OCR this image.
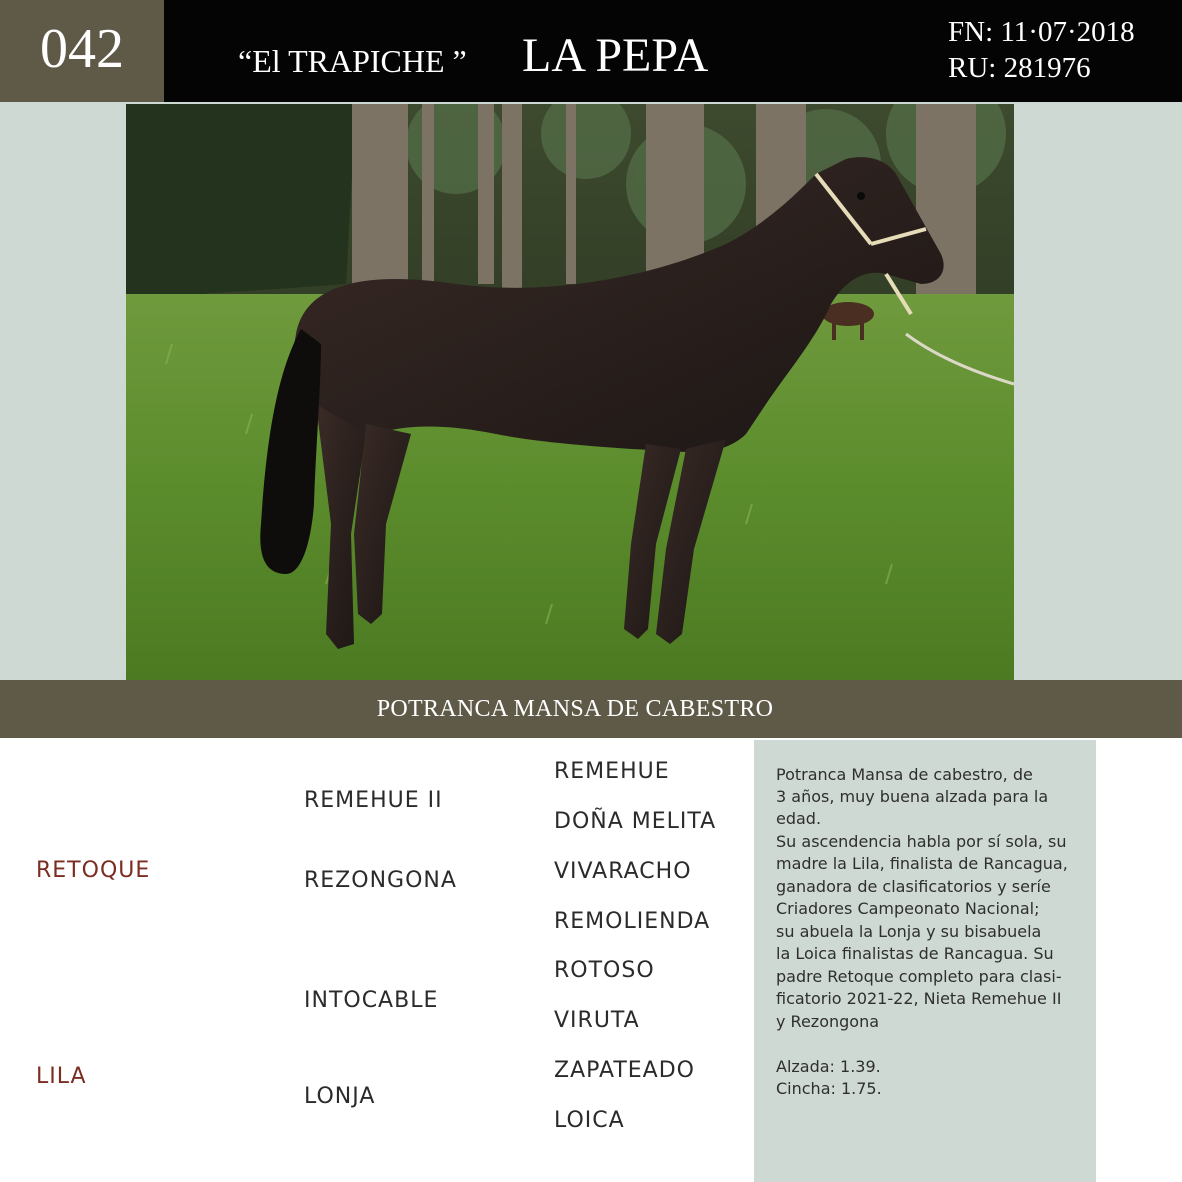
042	“El TRAPICHE ” LA PEPA	FN: 11·07·2018
RU: 281976
POTRANCA MANSA DE CABESTRO
RETOQUE
LILA
REMEHUE II
REZONGONA
INTOCABLE
LONJA
REMEHUE
DOÑA MELITA
VIVARACHO
REMOLIENDA
ROTOSO
VIRUTA
ZAPATEADO
LOICA
Potranca Mansa de cabestro, de
3 años, muy buena alzada para la
edad.
Su ascendencia habla por sí sola, su
madre la Lila, finalista de Rancagua,
ganadora de clasificatorios y seríe
Criadores Campeonato Nacional;
su abuela la Lonja y su bisabuela
la Loica finalistas de Rancagua. Su
padre Retoque completo para clasi-
ficatorio 2021-22, Nieta Remehue II
y Rezongona
Alzada: 1.39.
Cincha: 1.75.
